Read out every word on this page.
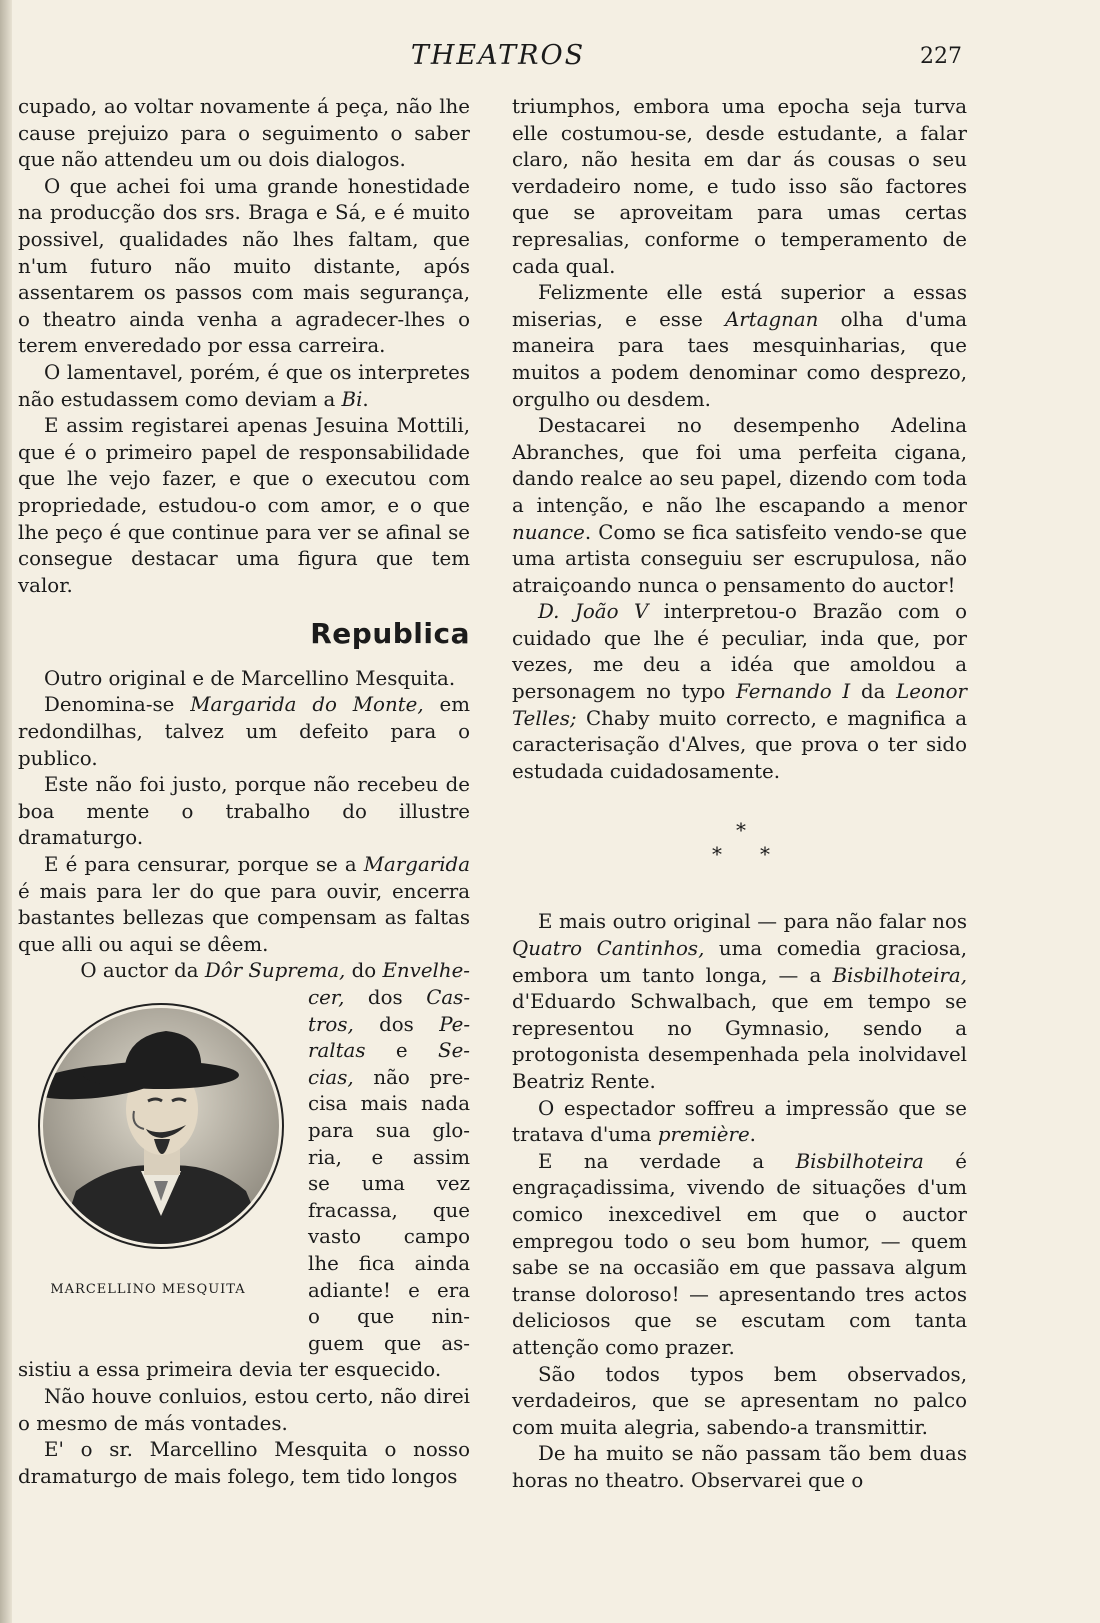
THEATROS	227

cupado, ao voltar novamente á peça, não lhe cause prejuizo para o seguimento o saber que não attendeu um ou dois dialogos.

O que achei foi uma grande honestidade na producção dos srs. Braga e Sá, e é muito possivel, qualidades não lhes faltam, que n'um futuro não muito distante, após assentarem os passos com mais segurança, o theatro ainda venha a agradecer-lhes o terem enveredado por essa carreira.

O lamentavel, porém, é que os interpretes não estudassem como deviam a Bi.

E assim registarei apenas Jesuina Mottili, que é o primeiro papel de responsabilidade que lhe vejo fazer, e que o executou com propriedade, estudou-o com amor, e o que lhe peço é que continue para ver se afinal se consegue destacar uma figura que tem valor.

Republica

Outro original e de Marcellino Mesquita.

Denomina-se Margarida do Monte, em redondilhas, talvez um defeito para o publico.

Este não foi justo, porque não recebeu de boa mente o trabalho do illustre dramaturgo.

E é para censurar, porque se a Margarida é mais para ler do que para ouvir, encerra bastantes bellezas que compensam as faltas que alli ou aqui se dêem.

O auctor da Dôr Suprema, do Envelhe-

MARCELLINO MESQUITA
cer, dos Cas-
tros, dos Pe-
raltas e Se-
cias, não pre-
cisa mais nada
para sua glo-
ria, e assim
se uma vez
fracassa, que
vasto campo
lhe fica ainda
adiante! e era
o que nin-
guem que as-

sistiu a essa primeira devia ter esquecido.

Não houve conluios, estou certo, não direi o mesmo de más vontades.

E' o sr. Marcellino Mesquita o nosso dramaturgo de mais folego, tem tido longos

triumphos, embora uma epocha seja turva elle costumou-se, desde estudante, a falar claro, não hesita em dar ás cousas o seu verdadeiro nome, e tudo isso são factores que se aproveitam para umas certas represalias, conforme o temperamento de cada qual.

Felizmente elle está superior a essas miserias, e esse Artagnan olha d'uma maneira para taes mesquinharias, que muitos a podem denominar como desprezo, orgulho ou desdem.

Destacarei no desempenho Adelina Abranches, que foi uma perfeita cigana, dando realce ao seu papel, dizendo com toda a intenção, e não lhe escapando a menor nuance. Como se fica satisfeito vendo-se que uma artista conseguiu ser escrupulosa, não atraiçoando nunca o pensamento do auctor!

D. João V interpretou-o Brazão com o cuidado que lhe é peculiar, inda que, por vezes, me deu a idéa que amoldou a personagem no typo Fernando I da Leonor Telles; Chaby muito correcto, e magnifica a caracterisação d'Alves, que prova o ter sido estudada cuidadosamente.

*
* *

E mais outro original — para não falar nos Quatro Cantinhos, uma comedia graciosa, embora um tanto longa, — a Bisbilhoteira, d'Eduardo Schwalbach, que em tempo se representou no Gymnasio, sendo a protogonista desempenhada pela inolvidavel Beatriz Rente.

O espectador soffreu a impressão que se tratava d'uma première.

E na verdade a Bisbilhoteira é engraçadissima, vivendo de situações d'um comico inexcedivel em que o auctor empregou todo o seu bom humor, — quem sabe se na occasião em que passava algum transe doloroso! — apresentando tres actos deliciosos que se escutam com tanta attenção como prazer.

São todos typos bem observados, verdadeiros, que se apresentam no palco com muita alegria, sabendo-a transmittir.

De ha muito se não passam tão bem duas horas no theatro. Observarei que o
